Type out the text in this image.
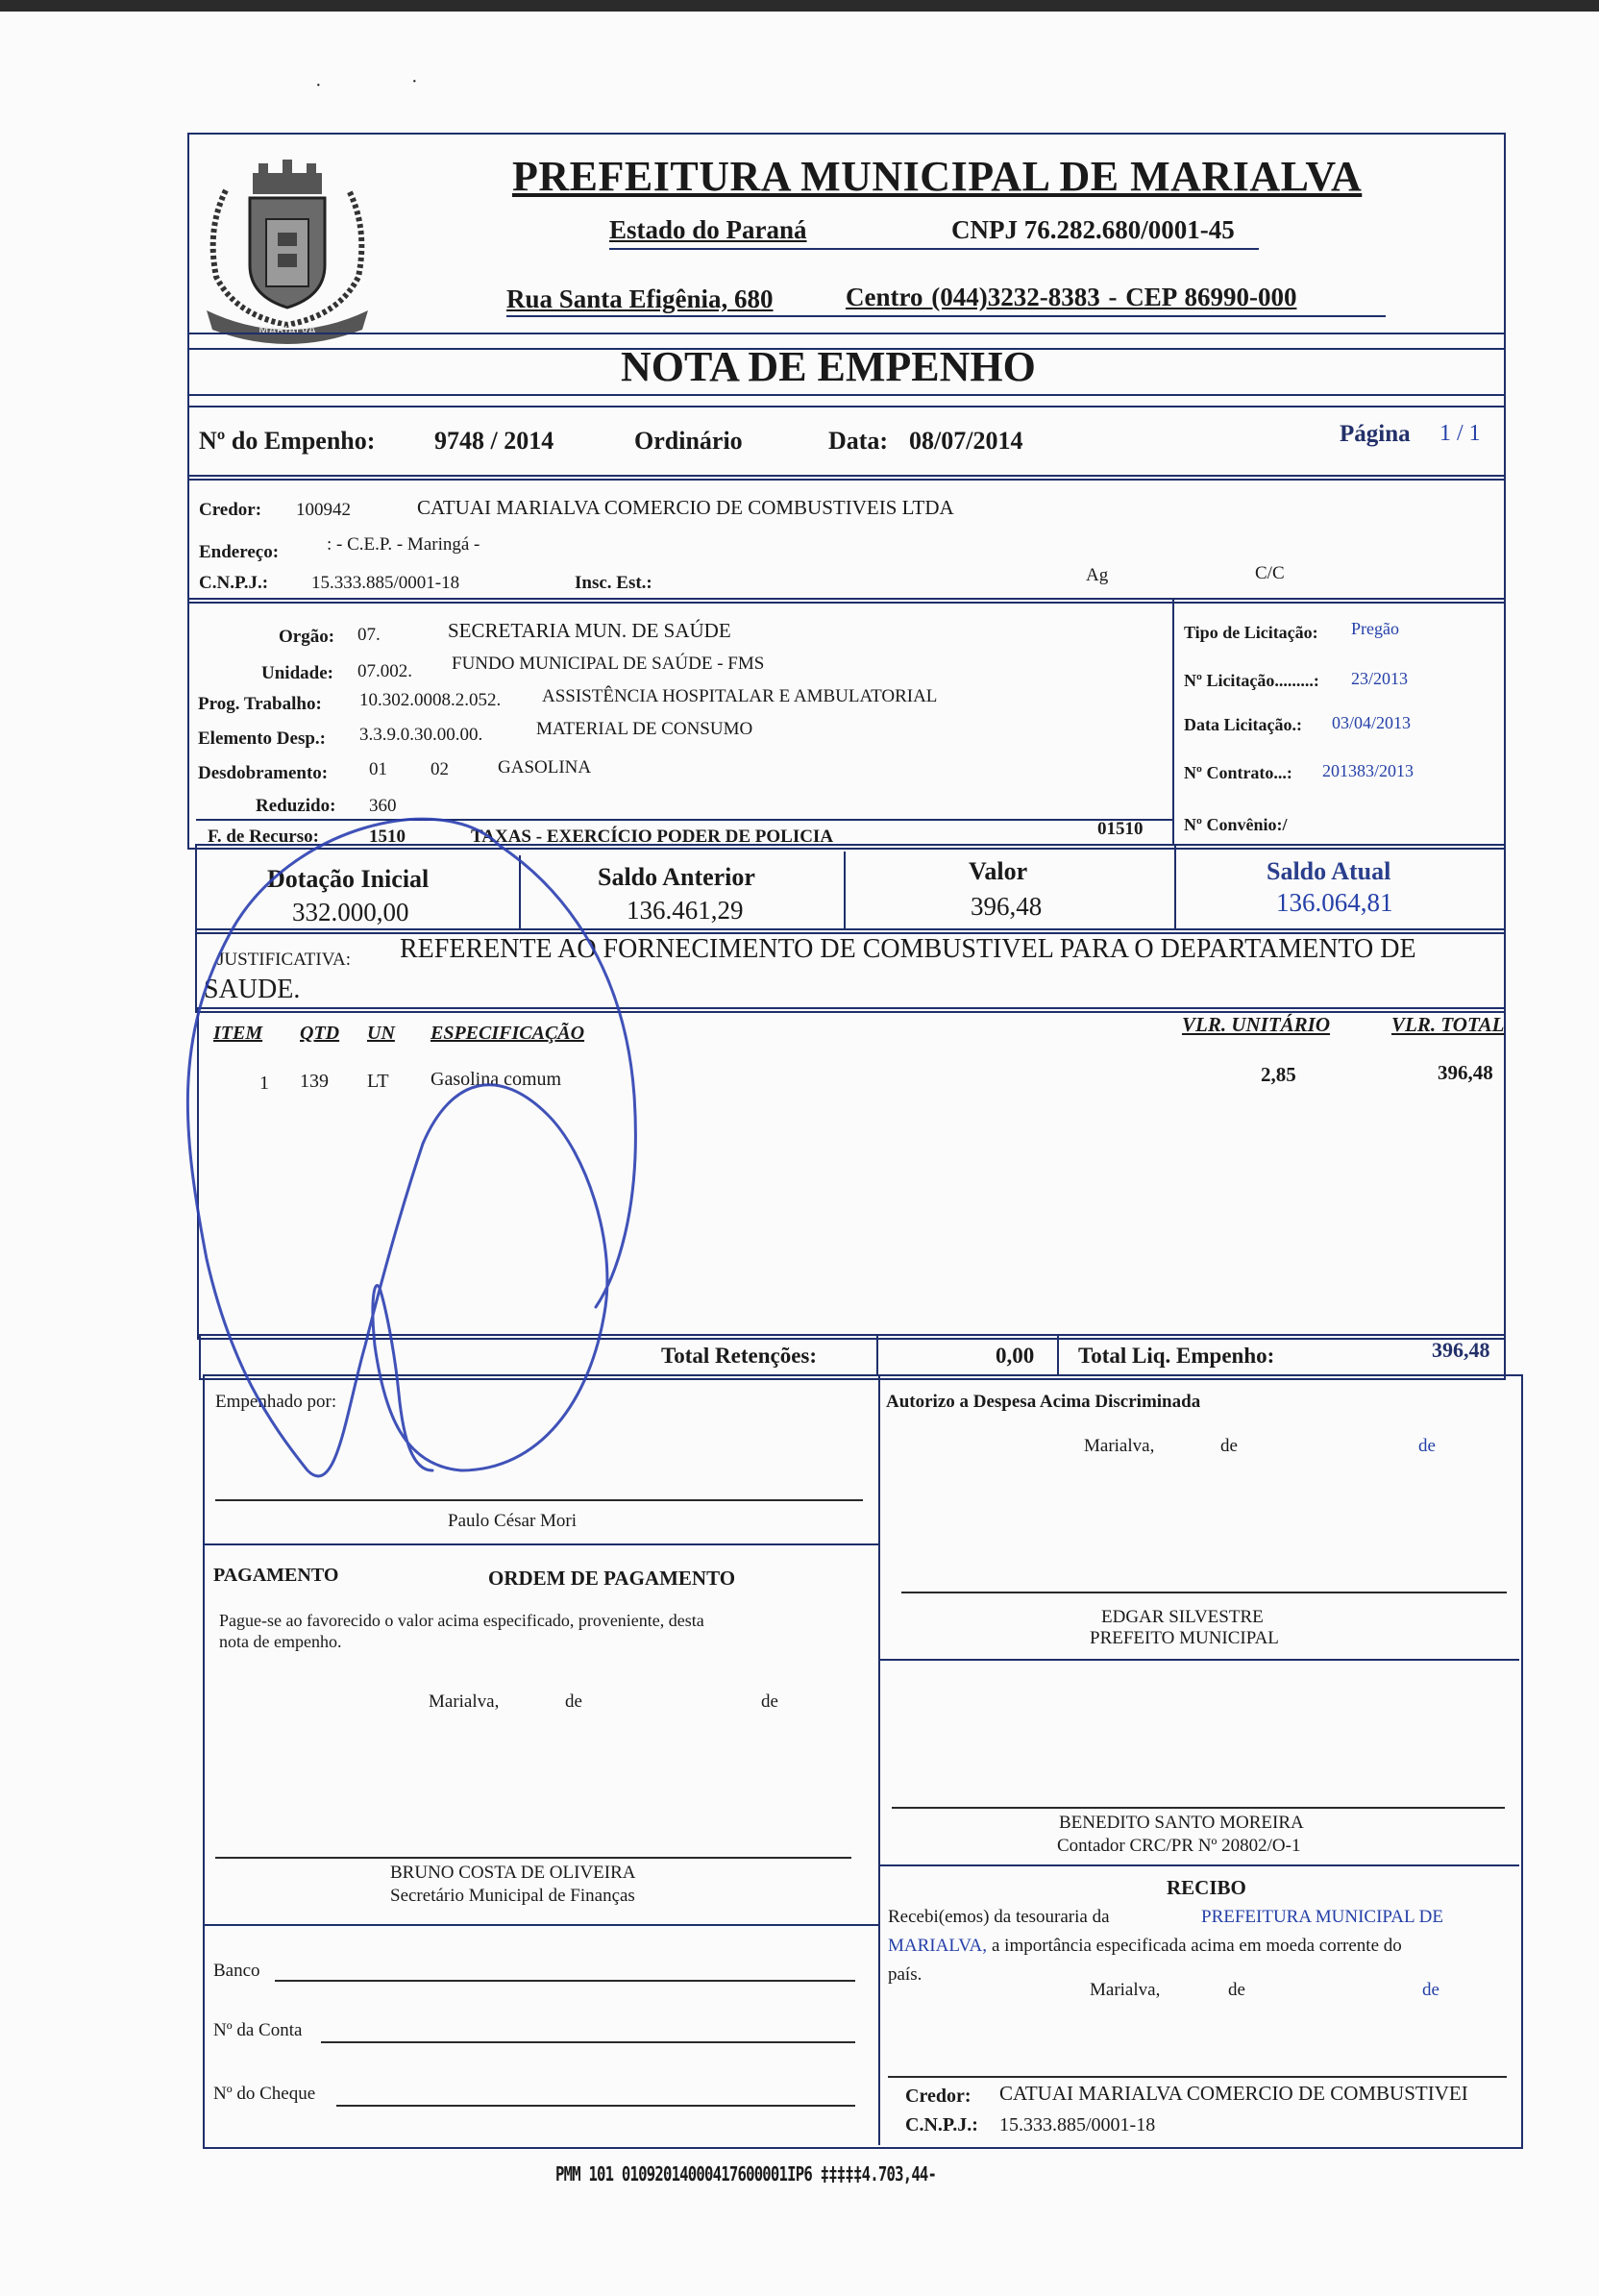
·	·
MARIALVA
PREFEITURA MUNICIPAL DE MARIALVA
Estado do Paraná	CNPJ 76.282.680/0001-45
Rua Santa Efigênia, 680	Centro (044)3232-8383 - CEP 86990-000
NOTA DE EMPENHO
Nº do Empenho: 9748 / 2014	Ordinário	Data: 08/07/2014	Página 1 / 1
Credor: 100942	CATUAI MARIALVA COMERCIO DE COMBUSTIVEIS LTDA
Endereço:	: - C.E.P. - Maringá -
C.N.P.J.: 15.333.885/0001-18	Insc. Est.:	Ag	C/C
Orgão: 07.	SECRETARIA MUN. DE SAÚDE
Unidade: 07.002. FUNDO MUNICIPAL DE SAÚDE - FMS
Prog. Trabalho: 10.302.0008.2.052. ASSISTÊNCIA HOSPITALAR E AMBULATORIAL
Elemento Desp.: 3.3.9.0.30.00.00.	MATERIAL DE CONSUMO
Desdobramento: 01 02	GASOLINA
Reduzido: 360
F. de Recurso:	1510	TAXAS - EXERCÍCIO PODER DE POLICIA	01510
Tipo de Licitação: Pregão
Nº Licitação.........: 23/2013
Data Licitação.: 03/04/2013
Nº Contrato...: 201383/2013
Nº Convênio:/
Dotação Inicial
332.000,00
Saldo Anterior
136.461,29
Valor
396,48
Saldo Atual
136.064,81
JUSTIFICATIVA: REFERENTE AO FORNECIMENTO DE COMBUSTIVEL PARA O DEPARTAMENTO DE
SAUDE.
ITEM QTD UN ESPECIFICAÇÃO	VLR. UNITÁRIO	VLR. TOTAL
1 139 LT Gasolina comum	2,85	396,48
Total Retenções:	0,00 Total Liq. Empenho:	396,48
Empenhado por:
Paulo César Mori
Autorizo a Despesa Acima Discriminada
Marialva,	de	de
EDGAR SILVESTRE
PREFEITO MUNICIPAL
PAGAMENTO	ORDEM DE PAGAMENTO
Pague-se ao favorecido o valor acima especificado, proveniente, desta
nota de empenho.
Marialva,	de	de
BENEDITO SANTO MOREIRA
Contador CRC/PR Nº 20802/O-1
BRUNO COSTA DE OLIVEIRA
Secretário Municipal de Finanças	RECIBO
Recebi(emos) da tesouraria da	PREFEITURA MUNICIPAL DE
MARIALVA, a importância especificada acima em moeda corrente do
país.
Marialva,	de	de
Banco
Nº da Conta
Nº do Cheque	Credor: CATUAI MARIALVA COMERCIO DE COMBUSTIVEI
C.N.P.J.: 15.333.885/0001-18
PMM 101 01092014000417600001IP6 ‡‡‡‡‡4.703,44-
